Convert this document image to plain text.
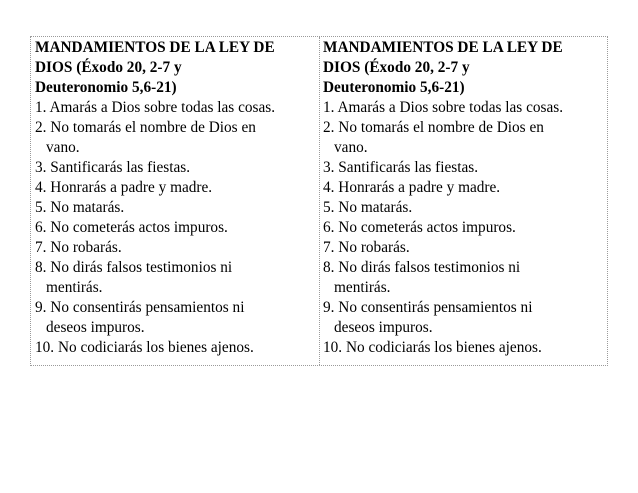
MANDAMIENTOS DE LA LEY DE
DIOS (Éxodo 20, 2-7 y
Deuteronomio 5,6-21)
1. Amarás a Dios sobre todas las cosas.
2. No tomarás el nombre de Dios en
vano.
3. Santificarás las fiestas.
4. Honrarás a padre y madre.
5. No matarás.
6. No cometerás actos impuros.
7. No robarás.
8. No dirás falsos testimonios ni
mentirás.
9. No consentirás pensamientos ni
deseos impuros.
10. No codiciarás los bienes ajenos.
MANDAMIENTOS DE LA LEY DE
DIOS (Éxodo 20, 2-7 y
Deuteronomio 5,6-21)
1. Amarás a Dios sobre todas las cosas.
2. No tomarás el nombre de Dios en
vano.
3. Santificarás las fiestas.
4. Honrarás a padre y madre.
5. No matarás.
6. No cometerás actos impuros.
7. No robarás.
8. No dirás falsos testimonios ni
mentirás.
9. No consentirás pensamientos ni
deseos impuros.
10. No codiciarás los bienes ajenos.
